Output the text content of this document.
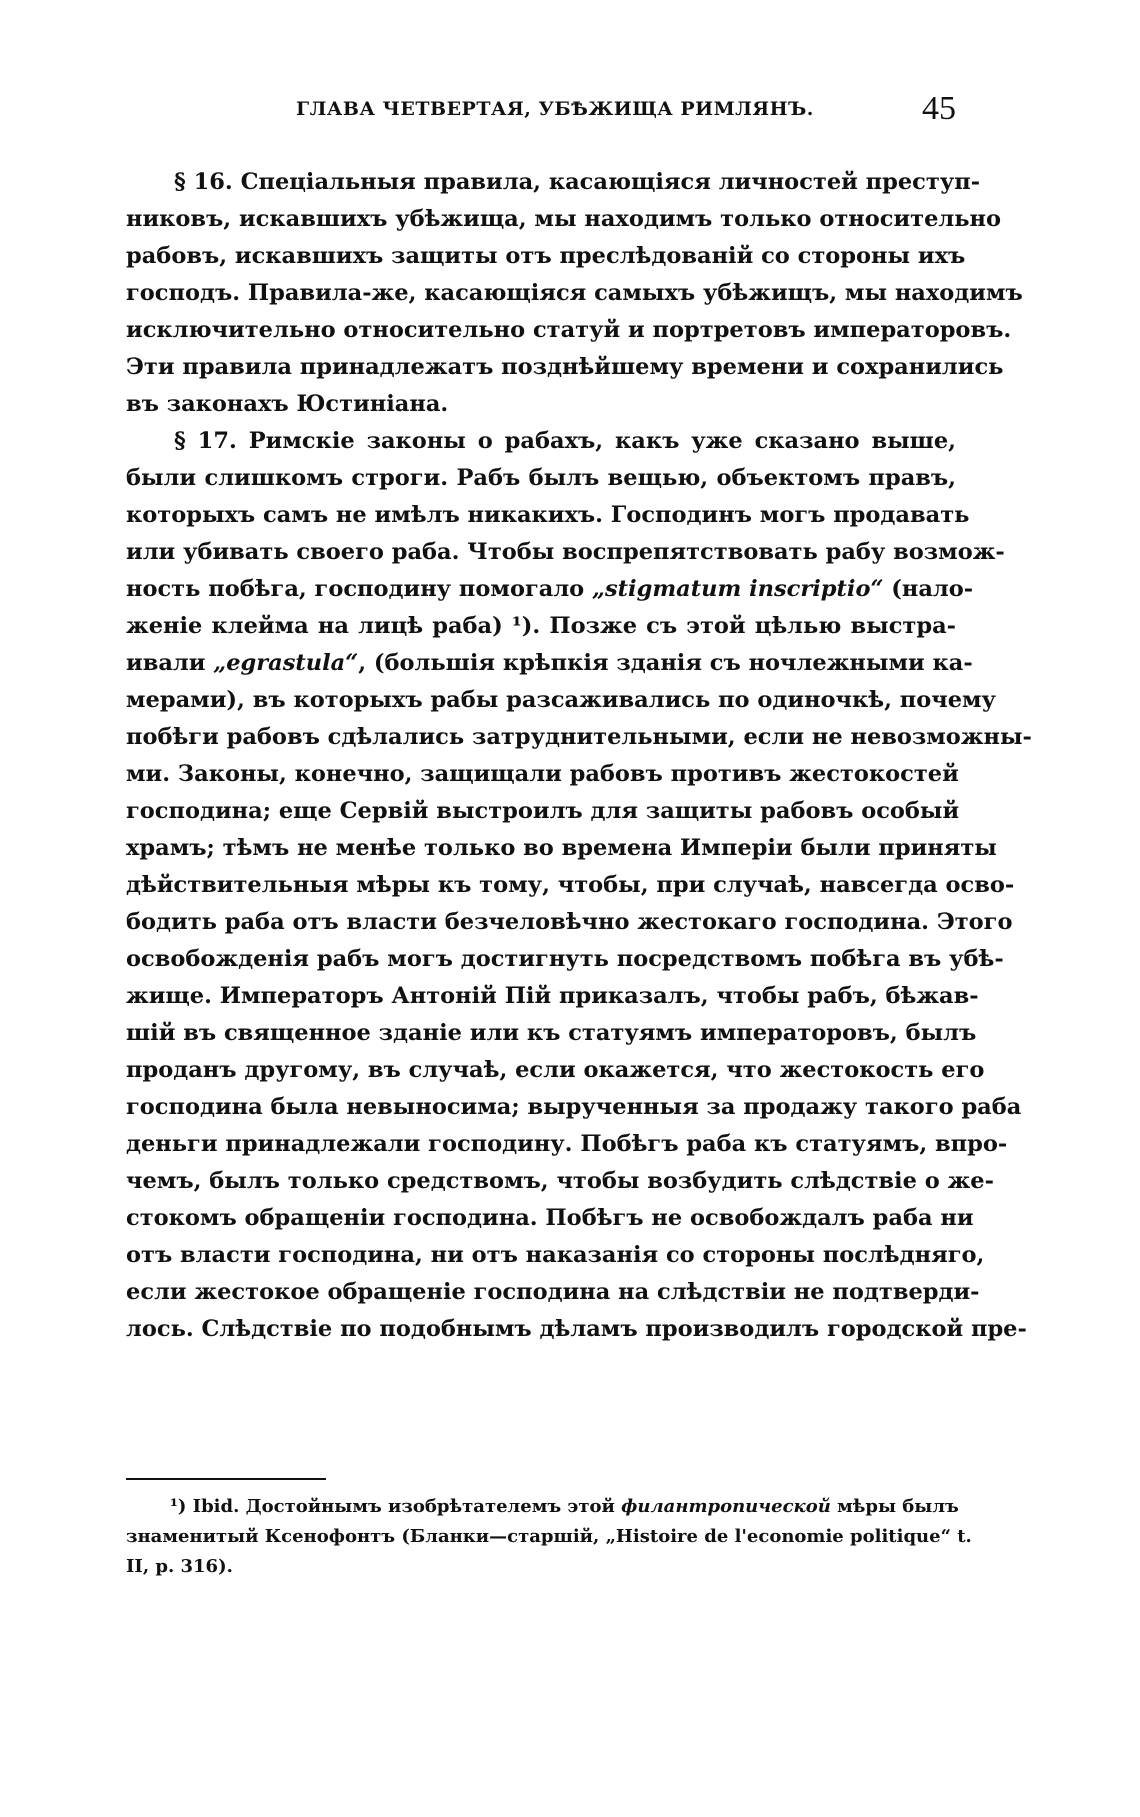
ГЛАВА ЧЕТВЕРТАЯ, УБѢЖИЩА РИМЛЯНЪ.	45
§ 16. Спеціальныя правила, касающіяся личностей преступ-
никовъ, искавшихъ убѣжища, мы находимъ только относительно
рабовъ, искавшихъ защиты отъ преслѣдованій со стороны ихъ
господъ. Правила-же, касающіяся самыхъ убѣжищъ, мы находимъ
исключительно относительно статуй и портретовъ императоровъ.
Эти правила принадлежатъ позднѣйшему времени и сохранились
въ законахъ Юстиніана.
§ 17. Римскіе законы о рабахъ, какъ уже сказано выше,
были слишкомъ строги. Рабъ былъ вещью, объектомъ правъ,
которыхъ самъ не имѣлъ никакихъ. Господинъ могъ продавать
или убивать своего раба. Чтобы воспрепятствовать рабу возмож-
ность побѣга, господину помогало „stigmatum inscriptio“ (нало-
женіе клейма на лицѣ раба) ¹). Позже съ этой цѣлью выстра-
ивали „egrastula“, (большія крѣпкія зданія съ ночлежными ка-
мерами), въ которыхъ рабы разсаживались по одиночкѣ, почему
побѣги рабовъ сдѣлались затруднительными, если не невозможны-
ми. Законы, конечно, защищали рабовъ противъ жестокостей
господина; еще Сервій выстроилъ для защиты рабовъ особый
храмъ; тѣмъ не менѣе только во времена Имперіи были приняты
дѣйствительныя мѣры къ тому, чтобы, при случаѣ, навсегда осво-
бодить раба отъ власти безчеловѣчно жестокаго господина. Этого
освобожденія рабъ могъ достигнуть посредствомъ побѣга въ убѣ-
жище. Императоръ Антоній Пій приказалъ, чтобы рабъ, бѣжав-
шій въ священное зданіе или къ статуямъ императоровъ, былъ
проданъ другому, въ случаѣ, если окажется, что жестокость его
господина была невыносима; вырученныя за продажу такого раба
деньги принадлежали господину. Побѣгъ раба къ статуямъ, впро-
чемъ, былъ только средствомъ, чтобы возбудить слѣдствіе о же-
стокомъ обращеніи господина. Побѣгъ не освобождалъ раба ни
отъ власти господина, ни отъ наказанія со стороны послѣдняго,
если жестокое обращеніе господина на слѣдствіи не подтверди-
лось. Слѣдствіе по подобнымъ дѣламъ производилъ городской пре-
¹) Ibid. Достойнымъ изобрѣтателемъ этой филантропической мѣры былъ
знаменитый Ксенофонтъ (Бланки—старшій, „Histoire de l'economie politique“ t.
II, p. 316).
